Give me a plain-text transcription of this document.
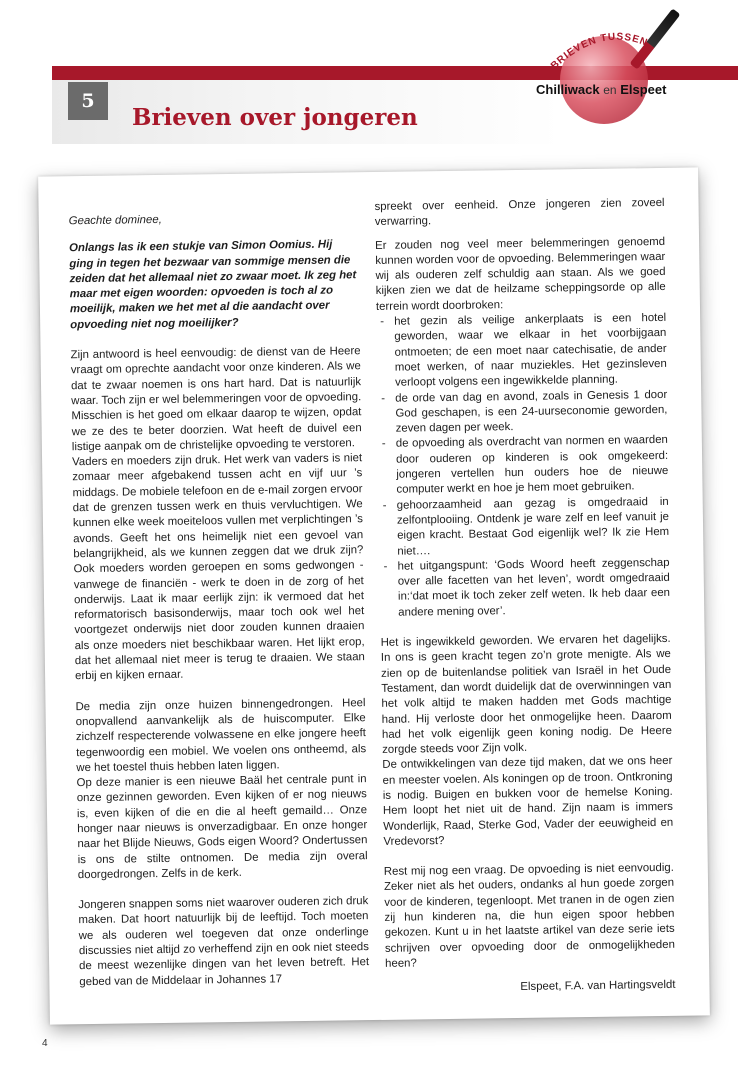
5
Brieven over jongeren
BRIEVEN TUSSEN
Chilliwack en Elspeet

Geachte dominee,

Onlangs las ik een stukje van Simon Oomius. Hij ging in tegen het bezwaar van sommige mensen die zeiden dat het allemaal niet zo zwaar moet. Ik zeg het maar met eigen woorden: opvoeden is toch al zo moeilijk, maken we het met al die aandacht over opvoeding niet nog moeilijker?

Zijn antwoord is heel eenvoudig: de dienst van de Heere vraagt om oprechte aandacht voor onze kinderen. Als we dat te zwaar noemen is ons hart hard. Dat is natuurlijk waar. Toch zijn er wel belemmeringen voor de opvoeding. Misschien is het goed om elkaar daarop te wijzen, opdat we ze des te beter doorzien. Wat heeft de duivel een listige aanpak om de christelijke opvoeding te verstoren.

Vaders en moeders zijn druk. Het werk van vaders is niet zomaar meer afgebakend tussen acht en vijf uur ’s middags. De mobiele telefoon en de e-mail zorgen ervoor dat de grenzen tussen werk en thuis vervluchtigen. We kunnen elke week moeiteloos vullen met verplichtingen ’s avonds. Geeft het ons heimelijk niet een gevoel van belangrijkheid, als we kunnen zeggen dat we druk zijn? Ook moeders worden geroepen en soms gedwongen - vanwege de financiën - werk te doen in de zorg of het onderwijs. Laat ik maar eerlijk zijn: ik vermoed dat het reformatorisch basisonderwijs, maar toch ook wel het voortgezet onderwijs niet door zouden kunnen draaien als onze moeders niet beschikbaar waren. Het lijkt erop, dat het allemaal niet meer is terug te draaien. We staan erbij en kijken ernaar.

De media zijn onze huizen binnengedrongen. Heel onopvallend aanvankelijk als de huiscomputer. Elke zichzelf respecterende volwassene en elke jongere heeft tegenwoordig een mobiel. We voelen ons ontheemd, als we het toestel thuis hebben laten liggen.

Op deze manier is een nieuwe Baäl het centrale punt in onze gezinnen geworden. Even kijken of er nog nieuws is, even kijken of die en die al heeft gemaild… Onze honger naar nieuws is onverzadigbaar. En onze honger naar het Blijde Nieuws, Gods eigen Woord? Ondertussen is ons de stilte ontnomen. De media zijn overal doorgedrongen. Zelfs in de kerk.

Jongeren snappen soms niet waarover ouderen zich druk maken. Dat hoort natuurlijk bij de leeftijd. Toch moeten we als ouderen wel toegeven dat onze onderlinge discussies niet altijd zo verheffend zijn en ook niet steeds de meest wezenlijke dingen van het leven betreft. Het gebed van de Middelaar in Johannes 17

spreekt over eenheid. Onze jongeren zien zoveel verwarring.

Er zouden nog veel meer belemmeringen genoemd kunnen worden voor de opvoeding. Belemmeringen waar wij als ouderen zelf schuldig aan staan. Als we goed kijken zien we dat de heilzame scheppingsorde op alle terrein wordt doorbroken:

- het gezin als veilige ankerplaats is een hotel geworden, waar we elkaar in het voorbijgaan ontmoeten; de een moet naar catechisatie, de ander moet werken, of naar muziekles. Het gezinsleven verloopt volgens een ingewikkelde planning.
- de orde van dag en avond, zoals in Genesis 1 door God geschapen, is een 24-uurseconomie geworden, zeven dagen per week.
- de opvoeding als overdracht van normen en waarden door ouderen op kinderen is ook omgekeerd: jongeren vertellen hun ouders hoe de nieuwe computer werkt en hoe je hem moet gebruiken.
- gehoorzaamheid aan gezag is omgedraaid in zelfontplooiing. Ontdenk je ware zelf en leef vanuit je eigen kracht. Bestaat God eigenlijk wel? Ik zie Hem niet….
- het uitgangspunt: ‘Gods Woord heeft zeggenschap over alle facetten van het leven’, wordt omgedraaid in:‘dat moet ik toch zeker zelf weten. Ik heb daar een andere mening over’.

Het is ingewikkeld geworden. We ervaren het dagelijks. In ons is geen kracht tegen zo’n grote menigte. Als we zien op de buitenlandse politiek van Israël in het Oude Testament, dan wordt duidelijk dat de overwinningen van het volk altijd te maken hadden met Gods machtige hand. Hij verloste door het onmogelijke heen. Daarom had het volk eigenlijk geen koning nodig. De Heere zorgde steeds voor Zijn volk.

De ontwikkelingen van deze tijd maken, dat we ons heer en meester voelen. Als koningen op de troon. Ontkroning is nodig. Buigen en bukken voor de hemelse Koning. Hem loopt het niet uit de hand. Zijn naam is immers Wonderlijk, Raad, Sterke God, Vader der eeuwigheid en Vredevorst?

Rest mij nog een vraag. De opvoeding is niet eenvoudig. Zeker niet als het ouders, ondanks al hun goede zorgen voor de kinderen, tegenloopt. Met tranen in de ogen zien zij hun kinderen na, die hun eigen spoor hebben gekozen. Kunt u in het laatste artikel van deze serie iets schrijven over opvoeding door de onmogelijkheden heen?

Elspeet, F.A. van Hartingsveldt

4
